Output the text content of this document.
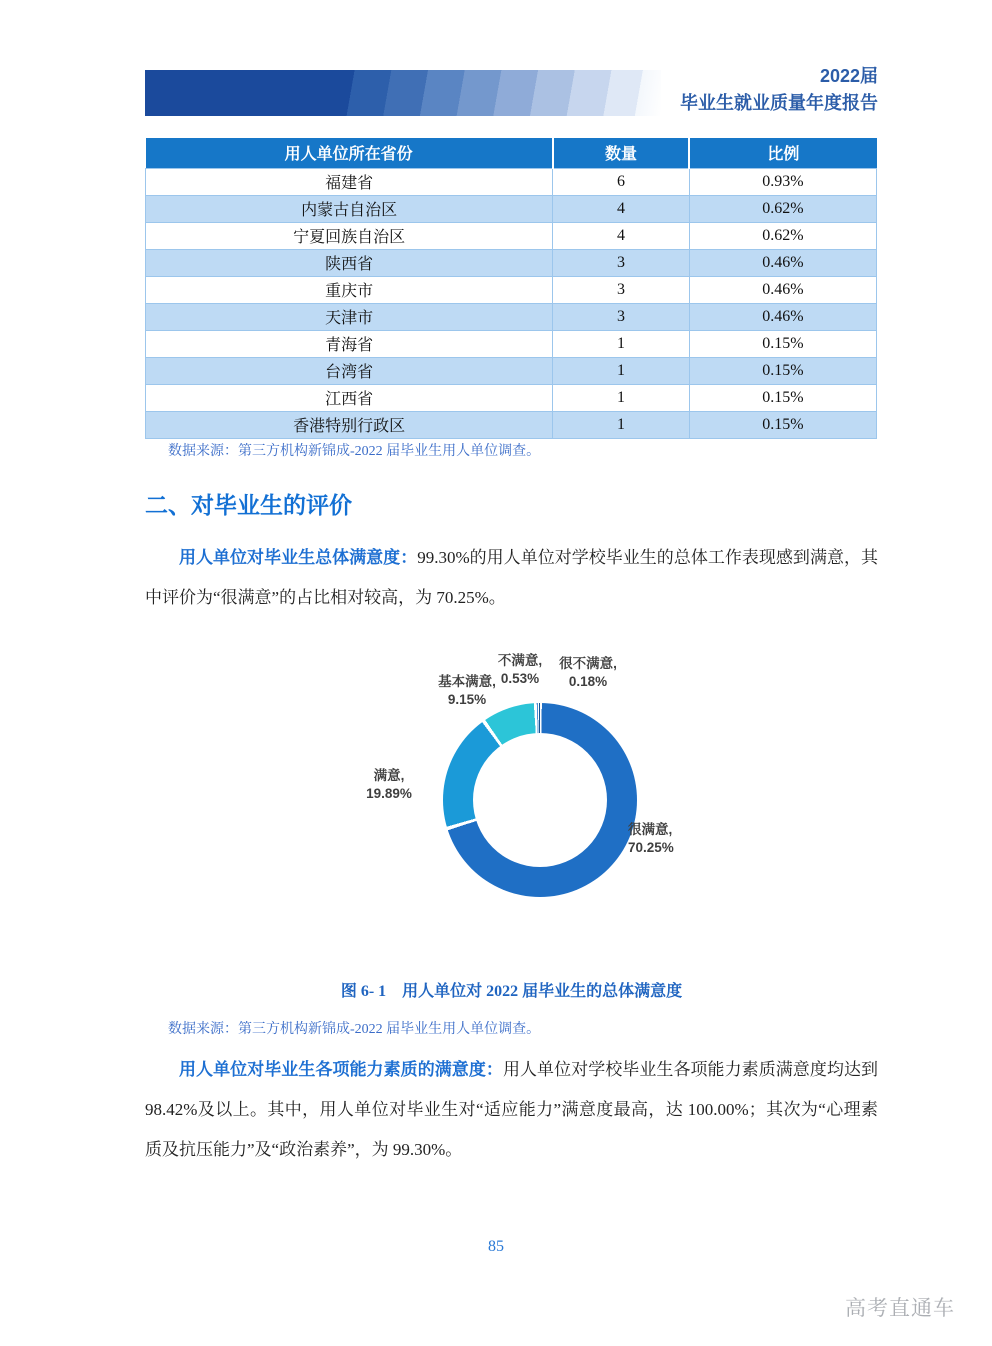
2022届
毕业生就业质量年度报告
用人单位所在省份	数量	比例
福建省	6	0.93%
内蒙古自治区	4	0.62%
宁夏回族自治区	4	0.62%
陕西省	3	0.46%
重庆市	3	0.46%
天津市	3	0.46%
青海省	1	0.15%
台湾省	1	0.15%
江西省	1	0.15%
香港特别行政区	1	0.15%
数据来源：第三方机构新锦成-2022 届毕业生用人单位调查。
二、对毕业生的评价

用人单位对毕业生总体满意度：99.30%的用人单位对学校毕业生的总体工作表现感到满意，其中评价为“很满意”的占比相对较高，为 70.25%。

很满意,
70.25%
满意,
19.89%
基本满意,
9.15%
不满意,
0.53%
很不满意,
0.18%
图 6- 1　用人单位对 2022 届毕业生的总体满意度
数据来源：第三方机构新锦成-2022 届毕业生用人单位调查。

用人单位对毕业生各项能力素质的满意度：用人单位对学校毕业生各项能力素质满意度均达到 98.42%及以上。其中，用人单位对毕业生对“适应能力”满意度最高，达 100.00%；其次为“心理素质及抗压能力”及“政治素养”，为 99.30%。

85
高考直通车
